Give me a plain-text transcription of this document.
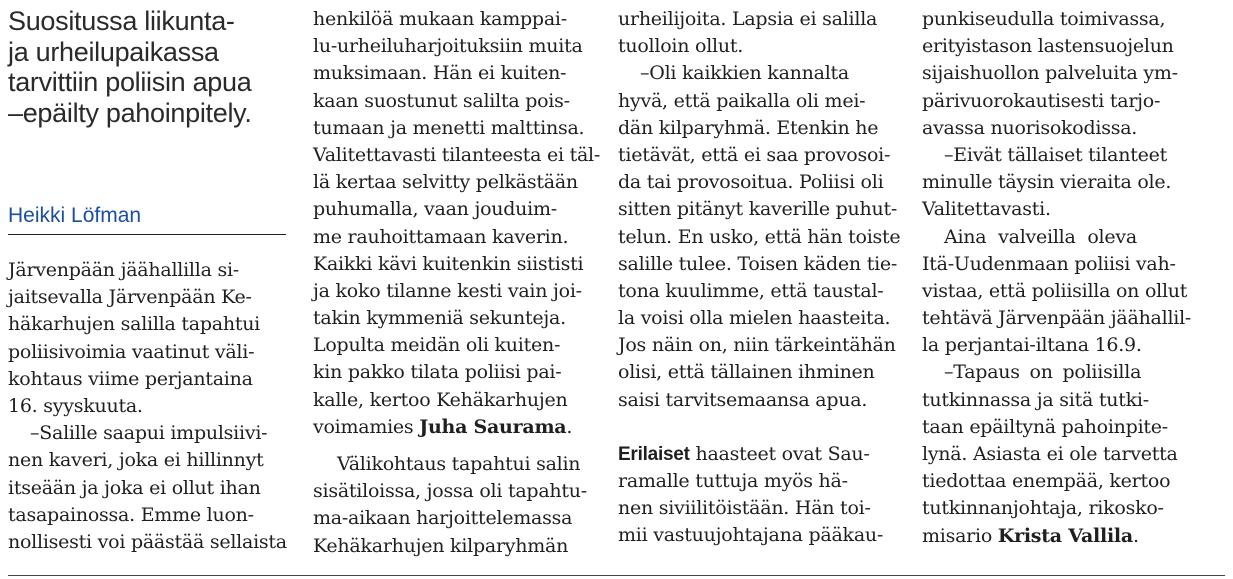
Suositussa liikunta-
ja urheilupaikassa
tarvittiin poliisin apua
–epäilty pahoinpitely.
Järvenpään jäähallilla si-
jaitsevalla Järvenpään Ke-
häkarhujen salilla tapahtui
poliisivoimia vaatinut väli-
kohtaus viime perjantaina
16. syyskuuta.
–Salille saapui impulsiivi-
nen kaveri, joka ei hillinnyt
itseään ja joka ei ollut ihan
tasapainossa. Emme luon-
nollisesti voi päästää sellaista
Heikki Löfman
henkilöä mukaan kamppai-
lu-urheiluharjoituksiin muita
muksimaan. Hän ei kuiten-
kaan suostunut salilta pois-
tumaan ja menetti malttinsa.
Valitettavasti tilanteesta ei täl-
lä kertaa selvitty pelkästään
puhumalla, vaan jouduim-
me rauhoittamaan kaverin.
Kaikki kävi kuitenkin siististi
ja koko tilanne kesti vain joi-
takin kymmeniä sekunteja.
Lopulta meidän oli kuiten-
kin pakko tilata poliisi pai-
kalle, kertoo Kehäkarhujen
voimamies Juha Saurama.
Välikohtaus tapahtui salin
sisätiloissa, jossa oli tapahtu-
ma-aikaan harjoittelemassa
Kehäkarhujen kilparyhmän
urheilijoita. Lapsia ei salilla
tuolloin ollut.
–Oli kaikkien kannalta
hyvä, että paikalla oli mei-
dän kilparyhmä. Etenkin he
tietävät, että ei saa provosoi-
da tai provosoitua. Poliisi oli
sitten pitänyt kaverille puhut-
telun. En usko, että hän toiste
salille tulee. Toisen käden tie-
tona kuulimme, että taustal-
la voisi olla mielen haasteita.
Jos näin on, niin tärkeintähän
olisi, että tällainen ihminen
saisi tarvitsemaansa apua.
Erilaiset haasteet ovat Sau-
ramalle tuttuja myös hä-
nen siviilitöistään. Hän toi-
mii vastuujohtajana pääkau-
punkiseudulla toimivassa,
erityistason lastensuojelun
sijaishuollon palveluita ym-
pärivuorokautisesti tarjo-
avassa nuorisokodissa.
–Eivät tällaiset tilanteet
minulle täysin vieraita ole.
Valitettavasti.
Aina valveilla oleva
Itä-Uudenmaan poliisi vah-
vistaa, että poliisilla on ollut
tehtävä Järvenpään jäähallil-
la perjantai-iltana 16.9.
–Tapaus on poliisilla
tutkinnassa ja sitä tutki-
taan epäiltynä pahoinpite-
lynä. Asiasta ei ole tarvetta
tiedottaa enempää, kertoo
tutkinnanjohtaja, rikosko-
misario Krista Vallila.
